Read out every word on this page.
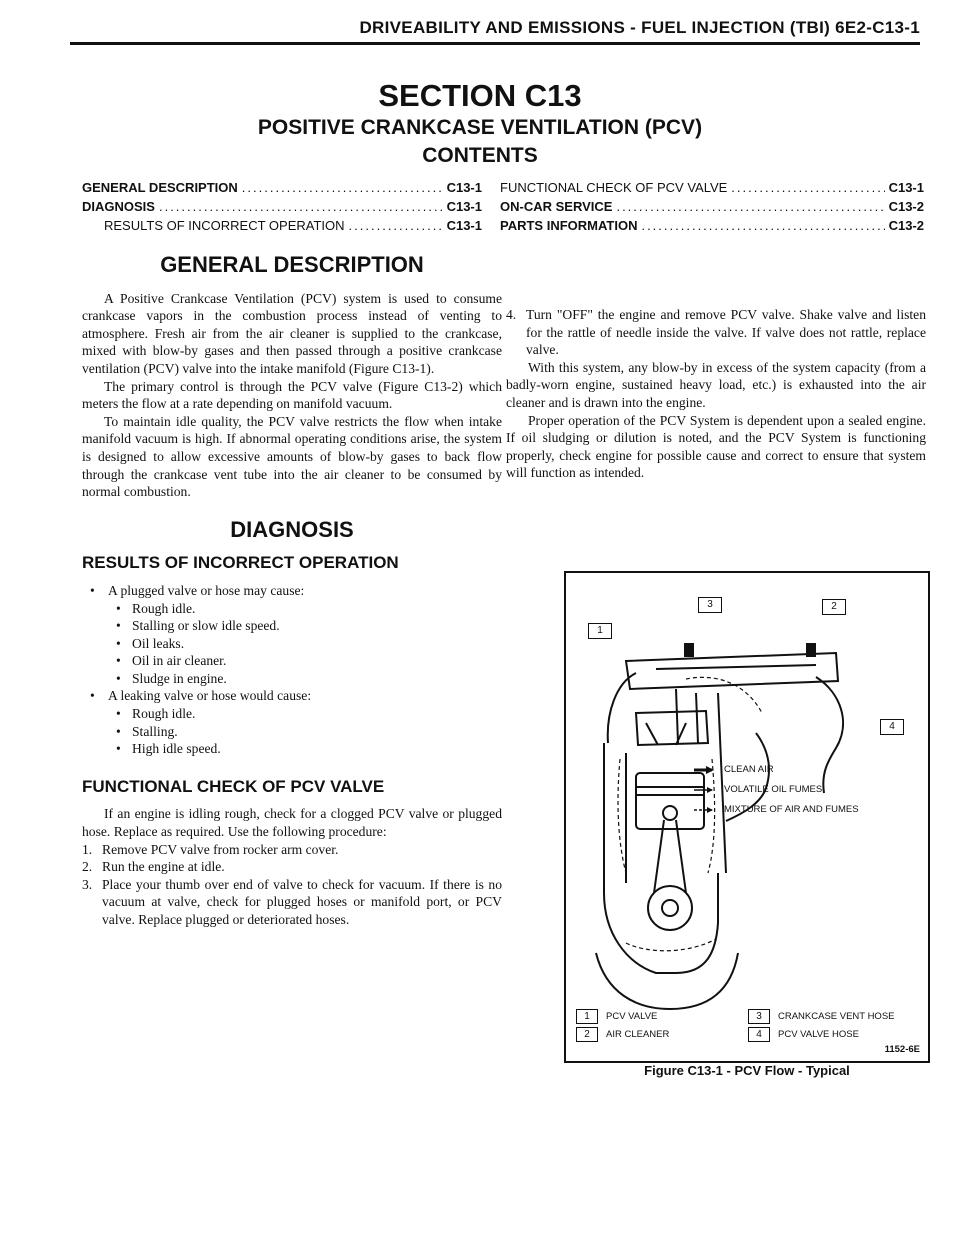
DRIVEABILITY AND EMISSIONS - FUEL INJECTION (TBI) 6E2-C13-1
SECTION C13
POSITIVE CRANKCASE VENTILATION (PCV)
CONTENTS
GENERAL DESCRIPTION .....	C13-1
DIAGNOSIS .....	C13-1
RESULTS OF INCORRECT OPERATION .....	C13-1
FUNCTIONAL CHECK OF PCV VALVE .....	C13-1
ON-CAR SERVICE .....	C13-2
PARTS INFORMATION .....	C13-2
GENERAL DESCRIPTION

A Positive Crankcase Ventilation (PCV) system is used to consume crankcase vapors in the combustion process instead of venting to atmosphere. Fresh air from the air cleaner is supplied to the crankcase, mixed with blow-by gases and then passed through a positive crankcase ventilation (PCV) valve into the intake manifold (Figure C13-1).

The primary control is through the PCV valve (Figure C13-2) which meters the flow at a rate depending on manifold vacuum.

To maintain idle quality, the PCV valve restricts the flow when intake manifold vacuum is high. If abnormal operating conditions arise, the system is designed to allow excessive amounts of blow-by gases to back flow through the crankcase vent tube into the air cleaner to be consumed by normal combustion.

DIAGNOSIS
RESULTS OF INCORRECT OPERATION
• A plugged valve or hose may cause:
• Rough idle.
• Stalling or slow idle speed.
• Oil leaks.
• Oil in air cleaner.
• Sludge in engine.
• A leaking valve or hose would cause:
• Rough idle.
• Stalling.
• High idle speed.
FUNCTIONAL CHECK OF PCV VALVE

If an engine is idling rough, check for a clogged PCV valve or plugged hose. Replace as required. Use the following procedure:

1. Remove PCV valve from rocker arm cover.
2. Run the engine at idle.
3. Place your thumb over end of valve to check for vacuum. If there is no vacuum at valve, check for plugged hoses or manifold port, or PCV valve. Replace plugged or deteriorated hoses.
4. Turn "OFF" the engine and remove PCV valve. Shake valve and listen for the rattle of needle inside the valve. If valve does not rattle, replace valve.

With this system, any blow-by in excess of the system capacity (from a badly-worn engine, sustained heavy load, etc.) is exhausted into the air cleaner and is drawn into the engine.

Proper operation of the PCV System is dependent upon a sealed engine. If oil sludging or dilution is noted, and the PCV System is functioning properly, check engine for possible cause and correct to ensure that system will function as intended.

3	2
1
4
CLEAN AIR
VOLATILE OIL FUMES
MIXTURE OF AIR AND FUMES
1	PCV VALVE
2	AIR CLEANER
3	CRANKCASE VENT HOSE
4	PCV VALVE HOSE
1152-6E
Figure C13-1 - PCV Flow - Typical
